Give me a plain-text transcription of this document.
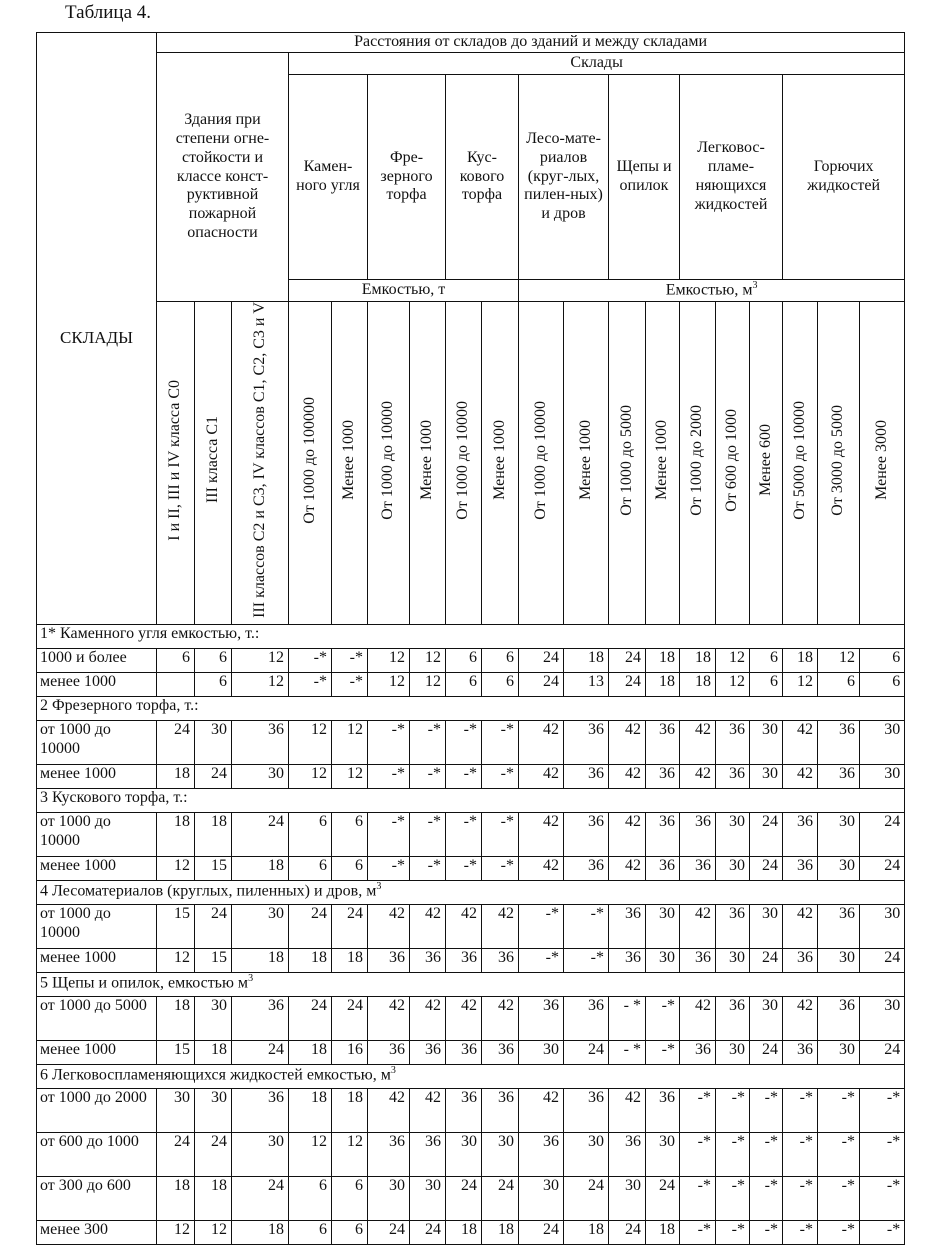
Таблица 4.
СКЛАДЫ	Расстояния от складов до зданий и между складами																		
	Здания при степени огне-стойкости и классе конст-руктивной пожарной опасности			Склады															
				Камен-ного угля		Фре-зерного торфа		Кус-кового торфа		Лесо-мате-риалов (круг-лых, пилен-ных) и дров		Щепы и опилок		Легковос-пламе-няющихся жидкостей			Горючих жидкостей		
				Емкостью, т						Емкостью, $м^3$
	I и II, III и IV класса С0	III класса С1	III классов С2 и С3, IV классов С1, С2, С3 и V	От 1000 до 100000	Менее 1000	От 1000 до 10000	Менее 1000	От 1000 до 10000	Менее 1000	От 1000 до 10000	Менее 1000	От 1000 до 5000	Менее 1000	От 1000 до 2000	От 600 до 1000	Менее 600	От 5000 до 10000	От 3000 до 5000	Менее 3000
1* Каменного угля емкостью, т.:																			
1000 и более	6	6	12	-*	-*	12	12	6	6	24	18	24	18	18	12	6	18	12	6
менее 1000		6	12	-*	-*	12	12	6	6	24	13	24	18	18	12	6	12	6	6
2 Фрезерного торфа, т.:																			
от 1000 до 10000	24	30	36	12	12	-*	-*	-*	-*	42	36	42	36	42	36	30	42	36	30
менее 1000	18	24	30	12	12	-*	-*	-*	-*	42	36	42	36	42	36	30	42	36	30
3 Кускового торфа, т.:																			
от 1000 до 10000	18	18	24	6	6	-*	-*	-*	-*	42	36	42	36	36	30	24	36	30	24
менее 1000	12	15	18	6	6	-*	-*	-*	-*	42	36	42	36	36	30	24	36	30	24
4 Лесоматериалов (круглых, пиленных) и дров, $м^3$
от 1000 до 10000	15	24	30	24	24	42	42	42	42	-*	-*	36	30	42	36	30	42	36	30
менее 1000	12	15	18	18	18	36	36	36	36	-*	-*	36	30	36	30	24	36	30	24
5 Щепы и опилок, емкостью $м^3$
от 1000 до 5000	18	30	36	24	24	42	42	42	42	36	36	- *	-*	42	36	30	42	36	30
менее 1000	15	18	24	18	16	36	36	36	36	30	24	- *	-*	36	30	24	36	30	24
6 Легковоспламеняющихся жидкостей емкостью, $м^3$
от 1000 до 2000	30	30	36	18	18	42	42	36	36	42	36	42	36	-*	-*	-*	-*	-*	-*
от 600 до 1000	24	24	30	12	12	36	36	30	30	36	30	36	30	-*	-*	-*	-*	-*	-*
от 300 до 600	18	18	24	6	6	30	30	24	24	30	24	30	24	-*	-*	-*	-*	-*	-*
менее 300	12	12	18	6	6	24	24	18	18	24	18	24	18	-*	-*	-*	-*	-*	-*
